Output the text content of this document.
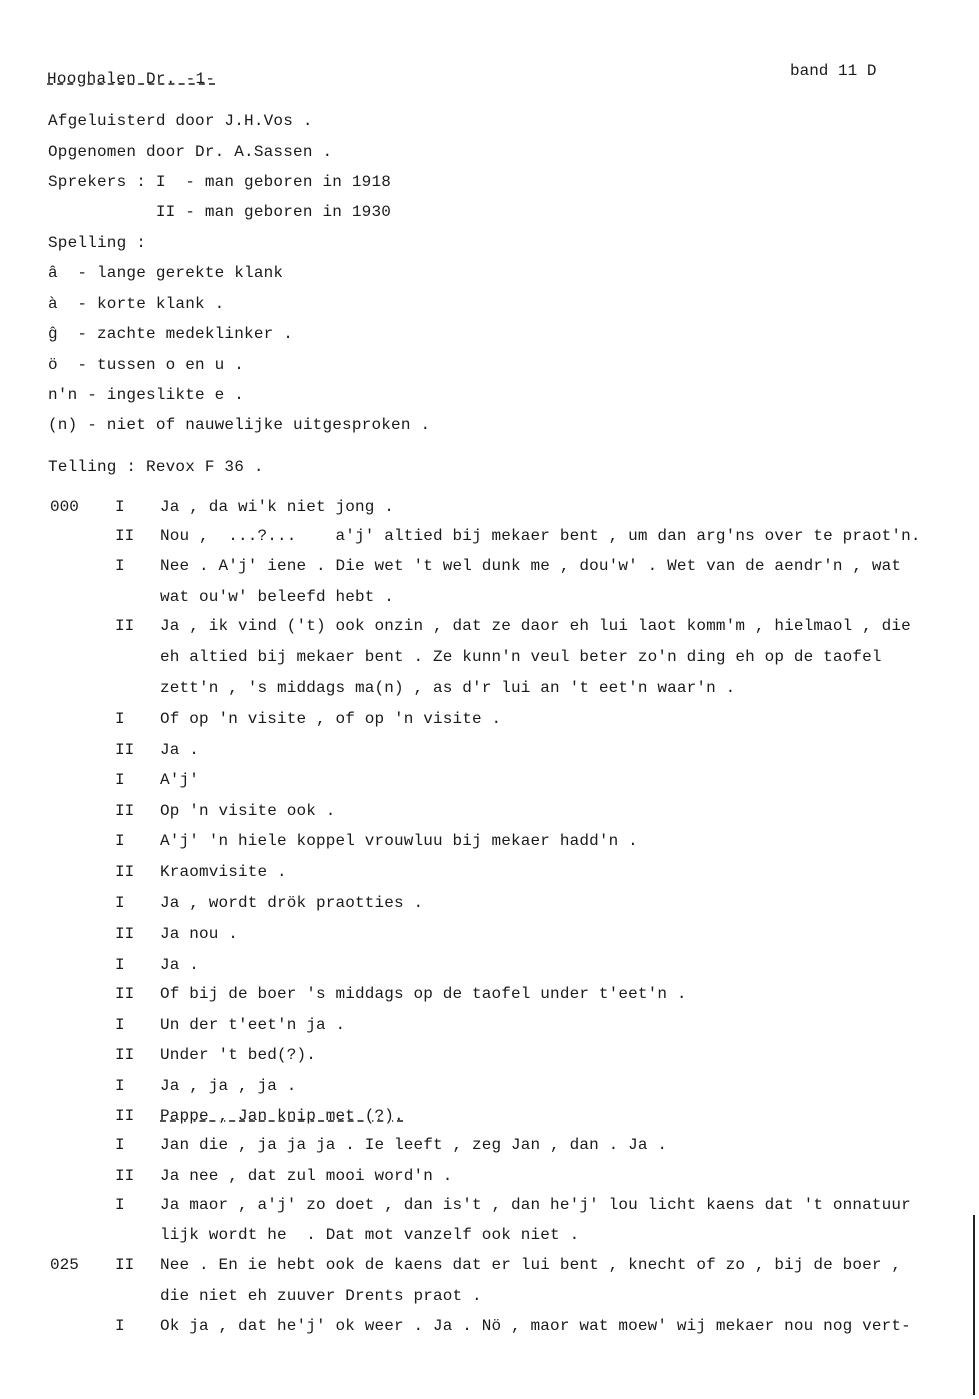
Hooghalen Dr. -1-	band 11 D
Afgeluisterd door J.H.Vos .
Opgenomen door Dr. A.Sassen .
Sprekers : I  - man geboren in 1918
II - man geboren in 1930
Spelling :
â  - lange gerekte klank
à  - korte klank .
ĝ  - zachte medeklinker .
ö  - tussen o en u .
n'n - ingeslikte e .
(n) - niet of nauwelijke uitgesproken .
Telling : Revox F 36 .
000 I Ja , da wi'k niet jong .
II Nou ,  ...?...    a'j' altied bij mekaer bent , um dan arg'ns over te praot'n.
I Nee . A'j' iene . Die wet 't wel dunk me , dou'w' . Wet van de aendr'n , wat
wat ou'w' beleefd hebt .
II Ja , ik vind ('t) ook onzin , dat ze daor eh lui laot komm'm , hielmaol , die
eh altied bij mekaer bent . Ze kunn'n veul beter zo'n ding eh op de taofel
zett'n , 's middags ma(n) , as d'r lui an 't eet'n waar'n .
I Of op 'n visite , of op 'n visite .
II Ja .
I A'j'
II Op 'n visite ook .
I A'j' 'n hiele koppel vrouwluu bij mekaer hadd'n .
II Kraomvisite .
I Ja , wordt drök praotties .
II Ja nou .
I Ja .
II Of bij de boer 's middags op de taofel under t'eet'n .
I Un der t'eet'n ja .
II Under 't bed(?).
I Ja , ja , ja .
II Pappe , Jan knip met (?).
I Jan die , ja ja ja . Ie leeft , zeg Jan , dan . Ja .
II Ja nee , dat zul mooi word'n .
I Ja maor , a'j' zo doet , dan is't , dan he'j' lou licht kaens dat 't onnatuur
lijk wordt he  . Dat mot vanzelf ook niet .
025 II Nee . En ie hebt ook de kaens dat er lui bent , knecht of zo , bij de boer ,
die niet eh zuuver Drents praot .
I Ok ja , dat he'j' ok weer . Ja . Nö , maor wat moew' wij mekaer nou nog vert-
